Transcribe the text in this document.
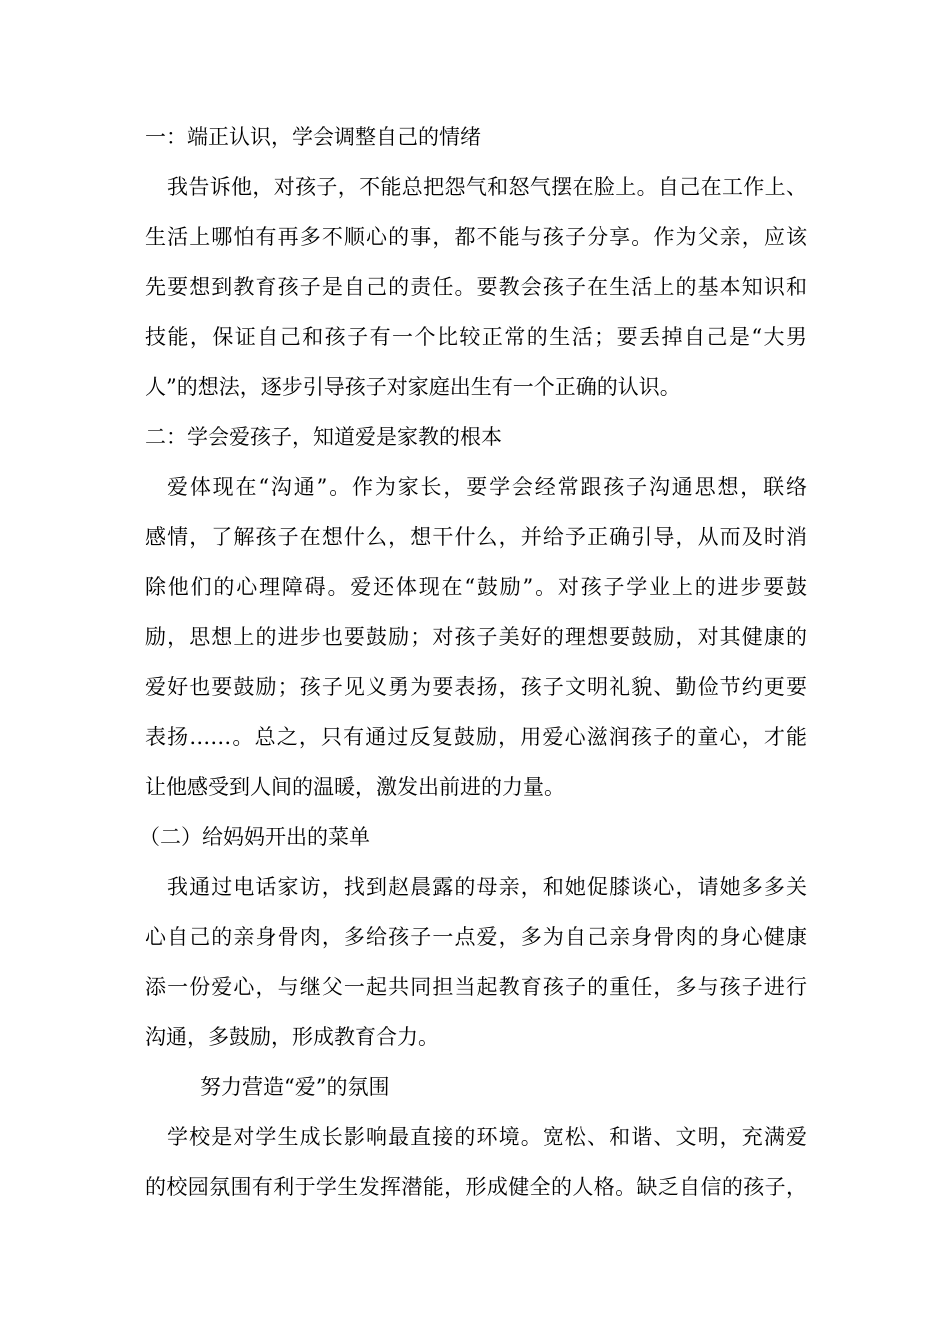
一：端正认识，学会调整自己的情绪
我告诉他，对孩子，不能总把怨气和怒气摆在脸上。自己在工作上、
生活上哪怕有再多不顺心的事，都不能与孩子分享。作为父亲，应该
先要想到教育孩子是自己的责任。要教会孩子在生活上的基本知识和
技能，保证自己和孩子有一个比较正常的生活；要丢掉自己是“大男
人”的想法，逐步引导孩子对家庭出生有一个正确的认识。
二：学会爱孩子，知道爱是家教的根本
爱体现在“沟通”。作为家长，要学会经常跟孩子沟通思想，联络
感情，了解孩子在想什么，想干什么，并给予正确引导，从而及时消
除他们的心理障碍。爱还体现在“鼓励”。对孩子学业上的进步要鼓
励，思想上的进步也要鼓励；对孩子美好的理想要鼓励，对其健康的
爱好也要鼓励；孩子见义勇为要表扬，孩子文明礼貌、勤俭节约更要
表扬……。总之，只有通过反复鼓励，用爱心滋润孩子的童心，才能
让他感受到人间的温暖，激发出前进的力量。
（二）给妈妈开出的菜单
我通过电话家访，找到赵晨露的母亲，和她促膝谈心，请她多多关
心自己的亲身骨肉，多给孩子一点爱，多为自己亲身骨肉的身心健康
添一份爱心，与继父一起共同担当起教育孩子的重任，多与孩子进行
沟通，多鼓励，形成教育合力。
努力营造“爱”的氛围
学校是对学生成长影响最直接的环境。宽松、和谐、文明，充满爱
的校园氛围有利于学生发挥潜能，形成健全的人格。缺乏自信的孩子，
